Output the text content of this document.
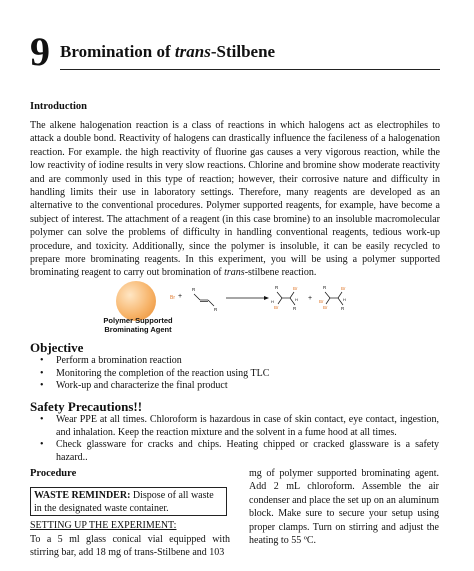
9 Bromination of trans-Stilbene
Introduction
The alkene halogenation reaction is a class of reactions in which halogens act as electrophiles to attack a double bond. Reactivity of halogens can drastically influence the facileness of a halogenation reaction. For example. the high reactivity of fluorine gas causes a very vigorous reaction, while the low reactivity of iodine results in very slow reactions. Chlorine and bromine show moderate reactivity and are commonly used in this type of reaction; however, their corrosive nature and difficulty in handling limits their use in laboratory settings. Therefore, many reagents are developed as an alternative to the conventional procedures. Polymer supported reagents, for example, have become a subject of interest. The attachment of a reagent (in this case bromine) to an insoluble macromolecular polymer can solve the problems of difficulty in handling conventional reagents, tedious work-up procedure, and toxicity. Additionally, since the polymer is insoluble, it can be easily recycled to prepare more brominating reagents. In this experiment, you will be using a polymer supported brominating reagent to carry out bromination of trans-stilbene reaction.
Polymer Supported
Brominating Agent
Br +
R
R
R	Br
H	H
Br	R
+
R	Br
Br	H
Br	R
Objective
• Perform a bromination reaction
• Monitoring the completion of the reaction using TLC
• Work-up and characterize the final product
Safety Precautions!!
• Wear PPE at all times. Chloroform is hazardous in case of skin contact, eye contact, ingestion, and inhalation. Keep the reaction mixture and the solvent in a fume hood at all times.
• Check glassware for cracks and chips. Heating chipped or cracked glassware is a safety hazard..
Procedure
WASTE REMINDER: Dispose of all waste in the designated waste container.
SETTING UP THE EXPERIMENT:
To a 5 ml glass conical vial equipped with stirring bar, add 18 mg of trans-Stilbene and 103
mg of polymer supported brominating agent. Add 2 mL chloroform. Assemble the air condenser and place the set up on an aluminum block. Make sure to secure your setup using proper clamps. Turn on stirring and adjust the heating to 55 ºC.
